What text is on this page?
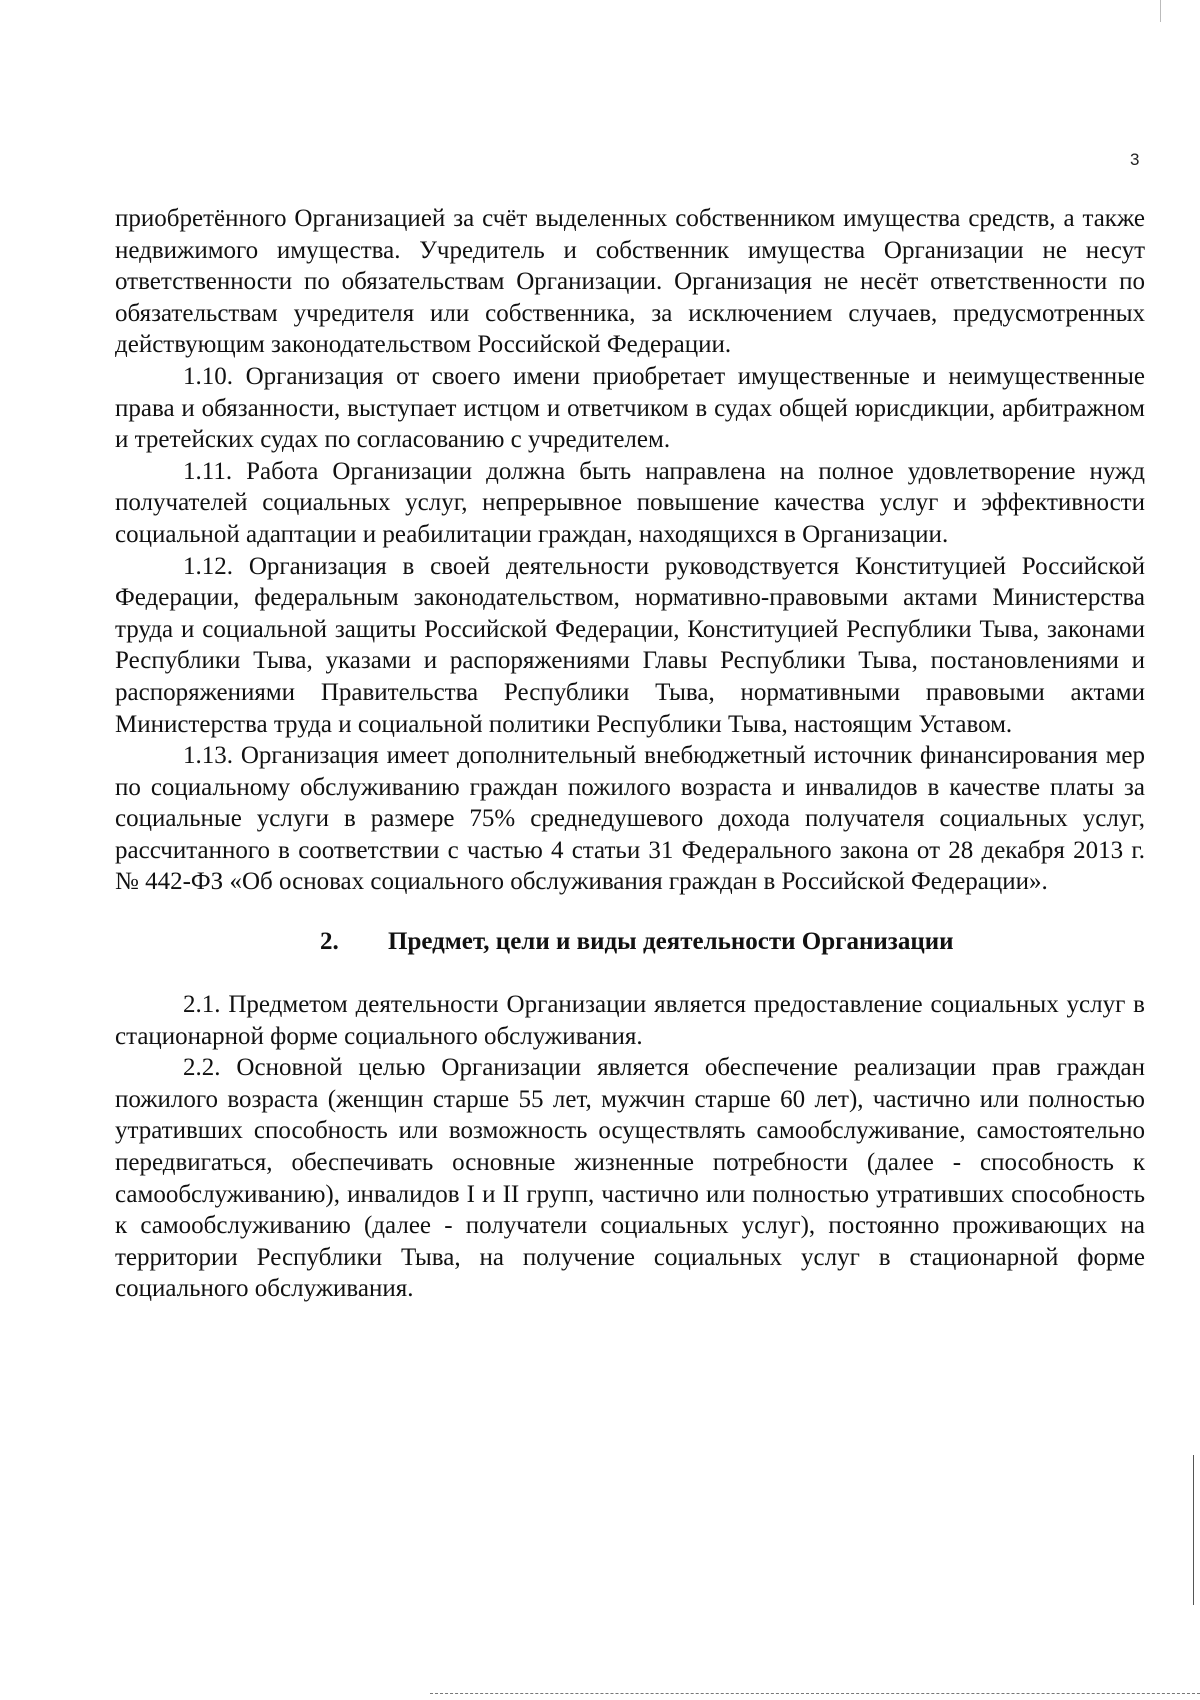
3

приобретённого Организацией за счёт выделенных собственником имущества средств, а также недвижимого имущества. Учредитель и собственник имущества Организации не несут ответственности по обязательствам Организации. Организация не несёт ответственности по обязательствам учредителя или собственника, за исключением случаев, предусмотренных действующим законодательством Российской Федерации.

1.10. Организация от своего имени приобретает имущественные и неимущественные права и обязанности, выступает истцом и ответчиком в судах общей юрисдикции, арбитражном и третейских судах по согласованию с учредителем.

1.11. Работа Организации должна быть направлена на полное удовлетворение нужд получателей социальных услуг, непрерывное повышение качества услуг и эффективности социальной адаптации и реабилитации граждан, находящихся в Организации.

1.12. Организация в своей деятельности руководствуется Конституцией Российской Федерации, федеральным законодательством, нормативно-правовыми актами Министерства труда и социальной защиты Российской Федерации, Конституцией Республики Тыва, законами Республики Тыва, указами и распоряжениями Главы Республики Тыва, постановлениями и распоряжениями Правительства Республики Тыва, нормативными правовыми актами Министерства труда и социальной политики Республики Тыва, настоящим Уставом.

1.13. Организация имеет дополнительный внебюджетный источник финансирования мер по социальному обслуживанию граждан пожилого возраста и инвалидов в качестве платы за социальные услуги в размере 75% среднедушевого дохода получателя социальных услуг, рассчитанного в соответствии с частью 4 статьи 31 Федерального закона от 28 декабря 2013 г. № 442-ФЗ «Об основах социального обслуживания граждан в Российской Федерации».

2. Предмет, цели и виды деятельности Организации

2.1. Предметом деятельности Организации является предоставление социальных услуг в стационарной форме социального обслуживания.

2.2. Основной целью Организации является обеспечение реализации прав граждан пожилого возраста (женщин старше 55 лет, мужчин старше 60 лет), частично или полностью утративших способность или возможность осуществлять самообслуживание, самостоятельно передвигаться, обеспечивать основные жизненные потребности (далее - способность к самообслуживанию), инвалидов I и II групп, частично или полностью утративших способность к самообслуживанию (далее - получатели социальных услуг), постоянно проживающих на территории Республики Тыва, на получение социальных услуг в стационарной форме социального обслуживания.
